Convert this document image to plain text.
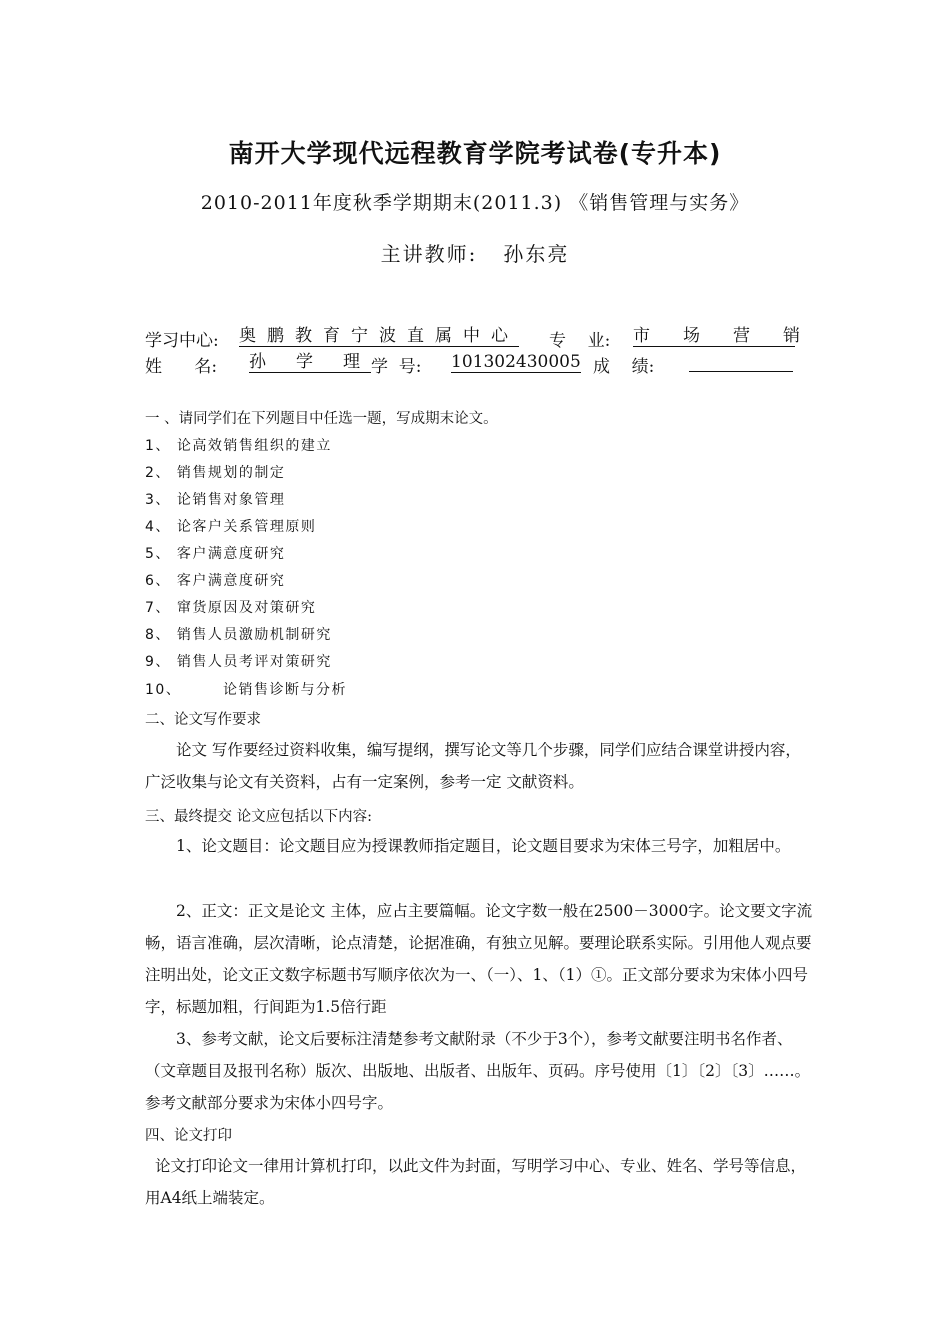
南开大学现代远程教育学院考试卷(专升本)
2010-2011年度秋季学期期末(2011.3) 《销售管理与实务》
主讲教师: 孙东亮
学习中心: 奥鹏教育宁波直属中心 专    业: 市场营销
姓      名: 孙学理
学  号: 101302430005 成    绩:
一 、请同学们在下列题目中任选一题，写成期末论文。
1、 论高效销售组织的建立
2、 销售规划的制定
3、 论销售对象管理
4、 论客户关系管理原则
5、 客户满意度研究
6、 客户满意度研究
7、 窜货原因及对策研究
8、 销售人员激励机制研究
9、 销售人员考评对策研究
10、       论销售诊断与分析
二、论文写作要求
论文 写作要经过资料收集，编写提纲，撰写论文等几个步骤，同学们应结合课堂讲授内容，广泛收集与论文有关资料，占有一定案例，参考一定 文献资料。
三、最终提交 论文应包括以下内容:
1、论文题目：论文题目应为授课教师指定题目，论文题目要求为宋体三号字，加粗居中。
2、正文：正文是论文 主体，应占主要篇幅。论文字数一般在2500－3000字。论文要文字流畅，语言准确，层次清晰，论点清楚，论据准确，有独立见解。要理论联系实际。引用他人观点要注明出处，论文正文数字标题书写顺序依次为一、（一）、1、（1）①。正文部分要求为宋体小四号字，标题加粗，行间距为1.5倍行距
3、参考文献，论文后要标注清楚参考文献附录（不少于3个），参考文献要注明书名作者、（文章题目及报刊名称）版次、出版地、出版者、出版年、页码。序号使用〔1〕〔2〕〔3〕……。 参考文献部分要求为宋体小四号字。
四、论文打印
论文打印论文一律用计算机打印，以此文件为封面，写明学习中心、专业、姓名、学号等信息，用A4纸上端装定。
